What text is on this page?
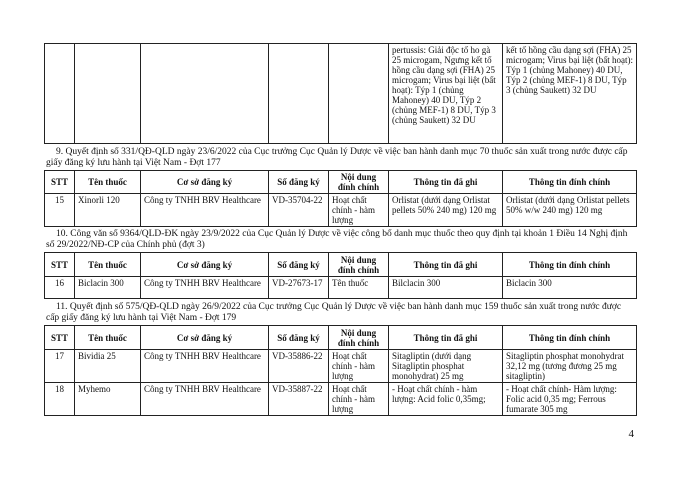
					pertussis: Giải độc tố ho gà 25 microgam, Ngưng kết tố hồng cầu dạng sợi (FHA) 25 microgam; Virus bại liệt (bất hoạt): Týp 1 (chủng Mahoney) 40 DU, Týp 2 (chủng MEF-1) 8 DU, Týp 3 (chủng Saukett) 32 DU	kết tố hồng cầu dạng sợi (FHA) 25 microgam; Virus bại liệt (bất hoạt): Týp 1 (chủng Mahoney) 40 DU, Týp 2 (chủng MEF-1) 8 DU, Týp 3 (chủng Saukett) 32 DU

9. Quyết định số 331/QĐ-QLD ngày 23/6/2022 của Cục trưởng Cục Quản lý Dược về việc ban hành danh mục 70 thuốc sản xuất trong nước được cấp giấy đăng ký lưu hành tại Việt Nam - Đợt 177

STT	Tên thuốc	Cơ sở đăng ký	Số đăng ký	Nội dung đính chính	Thông tin đã ghi	Thông tin đính chính
15	Xinorli 120	Công ty TNHH BRV Healthcare	VD-35704-22	Hoạt chất chính - hàm lượng	Orlistat (dưới dạng Orlistat pellets 50% 240 mg) 120 mg	Orlistat (dưới dạng Orlistat pellets 50% w/w 240 mg) 120 mg

10. Công văn số 9364/QLD-ĐK ngày 23/9/2022 của Cục Quản lý Dược về việc công bố danh mục thuốc theo quy định tại khoản 1 Điều 14 Nghị định số 29/2022/NĐ-CP của Chính phủ (đợt 3)

STT	Tên thuốc	Cơ sở đăng ký	Số đăng ký	Nội dung đính chính	Thông tin đã ghi	Thông tin đính chính
16	Biclacin 300	Công ty TNHH BRV Healthcare	VD-27673-17	Tên thuốc	Bilclacin 300	Biclacin 300

11. Quyết định số 575/QĐ-QLD ngày 26/9/2022 của Cục trưởng Cục Quản lý Dược về việc ban hành danh mục 159 thuốc sản xuất trong nước được cấp giấy đăng ký lưu hành tại Việt Nam - Đợt 179

STT	Tên thuốc	Cơ sở đăng ký	Số đăng ký	Nội dung đính chính	Thông tin đã ghi	Thông tin đính chính
17	Bividia 25	Công ty TNHH BRV Healthcare	VD-35886-22	Hoạt chất chính - hàm lượng	Sitagliptin (dưới dạng Sitagliptin phosphat monohydrat) 25 mg	Sitagliptin phosphat monohydrat 32,12 mg (tương đương 25 mg sitagliptin)
18	Myhemo	Công ty TNHH BRV Healthcare	VD-35887-22	Hoạt chất chính - hàm lượng	- Hoạt chất chính - hàm lượng: Acid folic 0,35mg;	- Hoạt chất chính- Hàm lượng: Folic acid 0,35 mg; Ferrous fumarate 305 mg
4
